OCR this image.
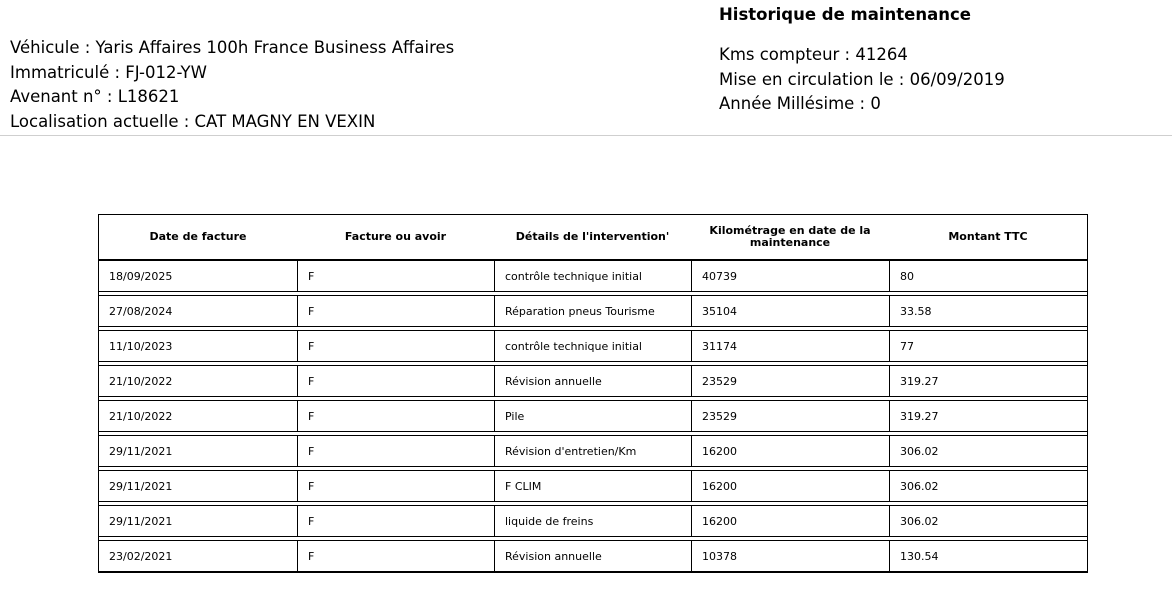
Véhicule : Yaris Affaires 100h France Business Affaires
Immatriculé : FJ-012-YW
Avenant n° : L18621
Localisation actuelle : CAT MAGNY EN VEXIN
Historique de maintenance
Kms compteur : 41264
Mise en circulation le : 06/09/2019
Année Millésime : 0
Date de facture	Facture ou avoir	Détails de l'intervention'	Kilométrage en date de la maintenance	Montant TTC
18/09/2025	F	contrôle technique initial	40739	80

27/08/2024	F	Réparation pneus Tourisme	35104	33.58

11/10/2023	F	contrôle technique initial	31174	77

21/10/2022	F	Révision annuelle	23529	319.27

21/10/2022	F	Pile	23529	319.27

29/11/2021	F	Révision d'entretien/Km	16200	306.02

29/11/2021	F	F CLIM	16200	306.02

29/11/2021	F	liquide de freins	16200	306.02

23/02/2021	F	Révision annuelle	10378	130.54
